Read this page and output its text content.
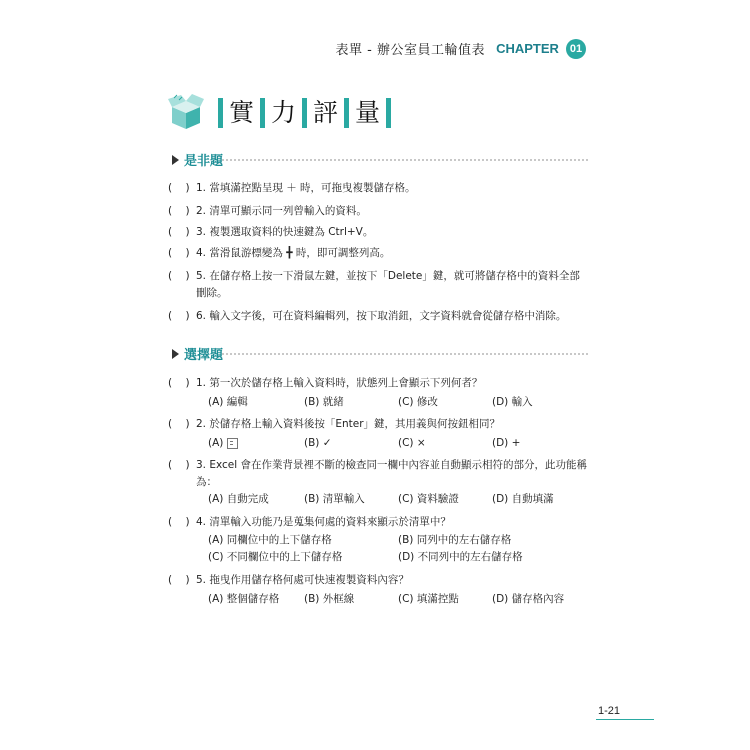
表單 - 辦公室員工輪值表 CHAPTER 01
實 力 評 量
是非題
(    ) 1. 當填滿控點呈現 ＋ 時，可拖曳複製儲存格。
(    ) 2. 清單可顯示同一列曾輸入的資料。
(    ) 3. 複製選取資料的快速鍵為 Ctrl+V。
(    ) 4. 當滑鼠游標變為 ╋ 時，即可調整列高。
(    ) 5. 在儲存格上按一下滑鼠左鍵，並按下「Delete」鍵，就可將儲存格中的資料全部刪除。
(    ) 6. 輸入文字後，可在資料編輯列，按下取消鈕，文字資料就會從儲存格中消除。
選擇題
(    ) 1. 第一次於儲存格上輸入資料時，狀態列上會顯示下列何者？
(A) 編輯	(B) 就緒	(C) 修改	(D) 輸入
(    ) 2. 於儲存格上輸入資料後按「Enter」鍵，其用義與何按鈕相同？
(A)	(B) ✓	(C) ×	(D) +
(    ) 3. Excel 會在作業背景裡不斷的檢查同一欄中內容並自動顯示相符的部分，此功能稱為：
(A) 自動完成	(B) 清單輸入	(C) 資料驗證	(D) 自動填滿
(    ) 4. 清單輸入功能乃是蒐集何處的資料來顯示於清單中？
(A) 同欄位中的上下儲存格	(B) 同列中的左右儲存格
(C) 不同欄位中的上下儲存格	(D) 不同列中的左右儲存格
(    ) 5. 拖曳作用儲存格何處可快速複製資料內容？
(A) 整個儲存格 (B) 外框線	(C) 填滿控點	(D) 儲存格內容
1-21
